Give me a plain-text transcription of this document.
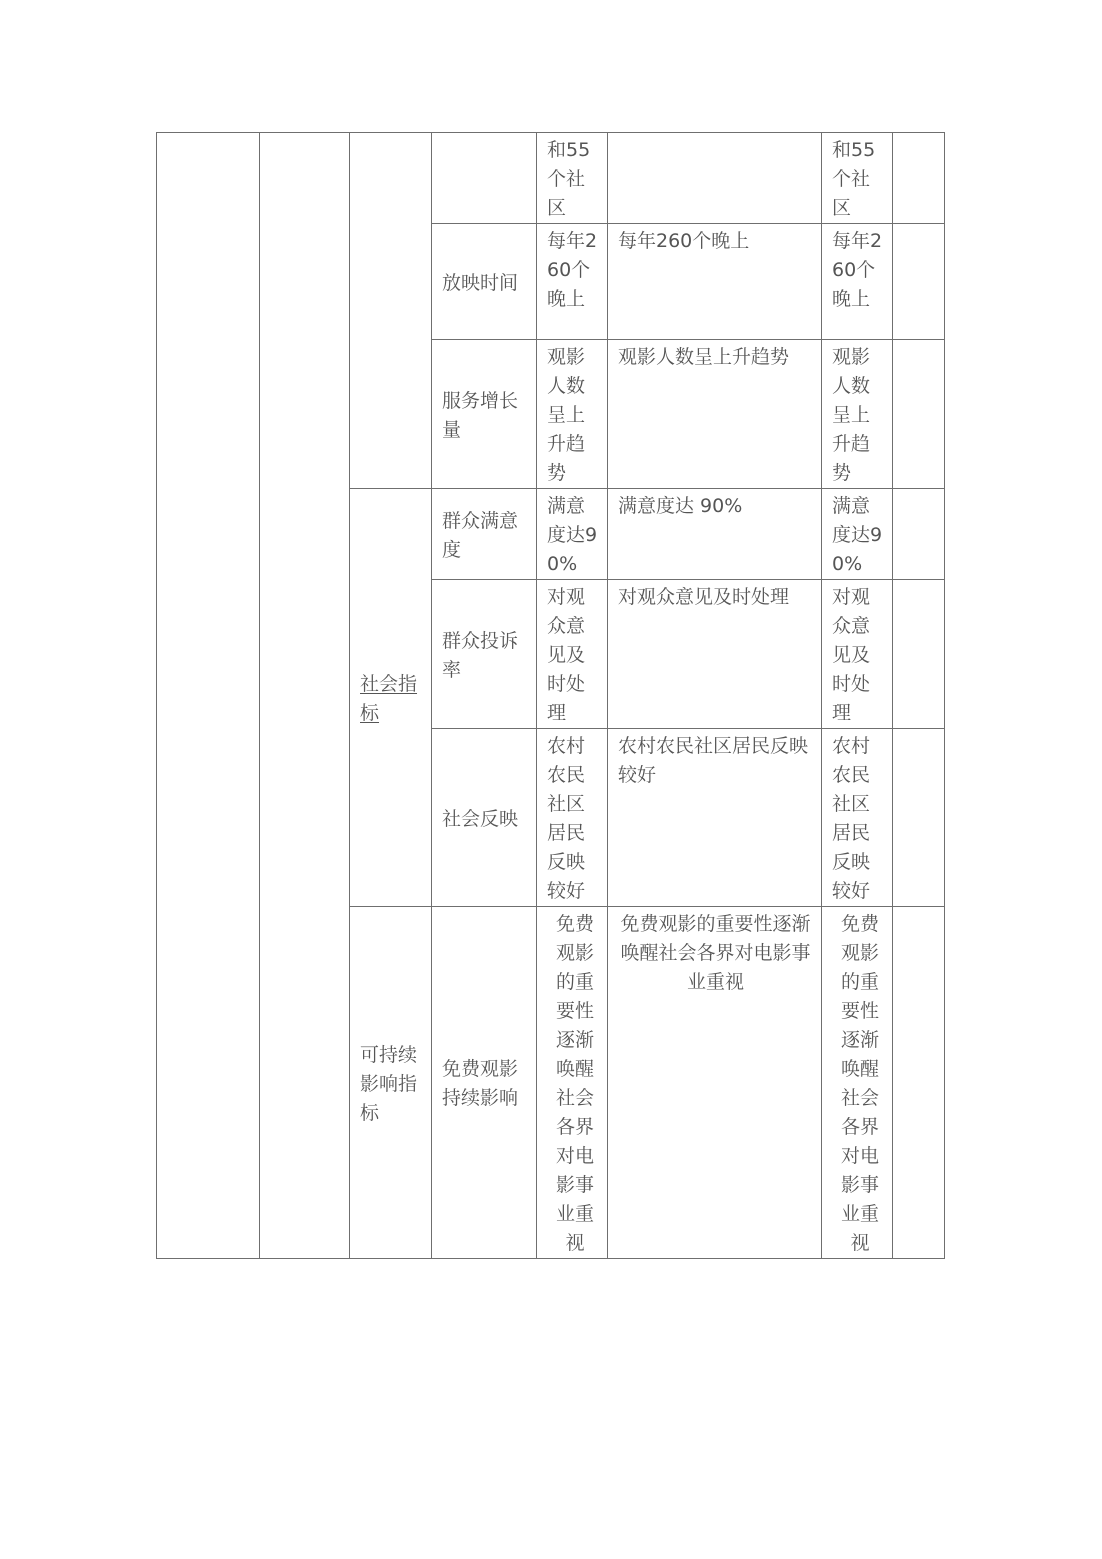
				和55个社区		和55个社区	
			放映时间	每年260个晚上	每年260个晚上	每年260个晚上	
			服务增长量	观影人数呈上升趋势	观影人数呈上升趋势	观影人数呈上升趋势	
		社会指标	群众满意度	满意度达90%	满意度达 90%	满意度达90%	
			群众投诉率	对观众意见及时处理	对观众意见及时处理	对观众意见及时处理	
			社会反映	农村农民社区居民反映较好	农村农民社区居民反映较好	农村农民社区居民反映较好	
		可持续影响指标	免费观影持续影响	免费观影的重要性逐渐唤醒社会各界对电影事业重视	免费观影的重要性逐渐唤醒社会各界对电影事业重视	免费观影的重要性逐渐唤醒社会各界对电影事业重视	
